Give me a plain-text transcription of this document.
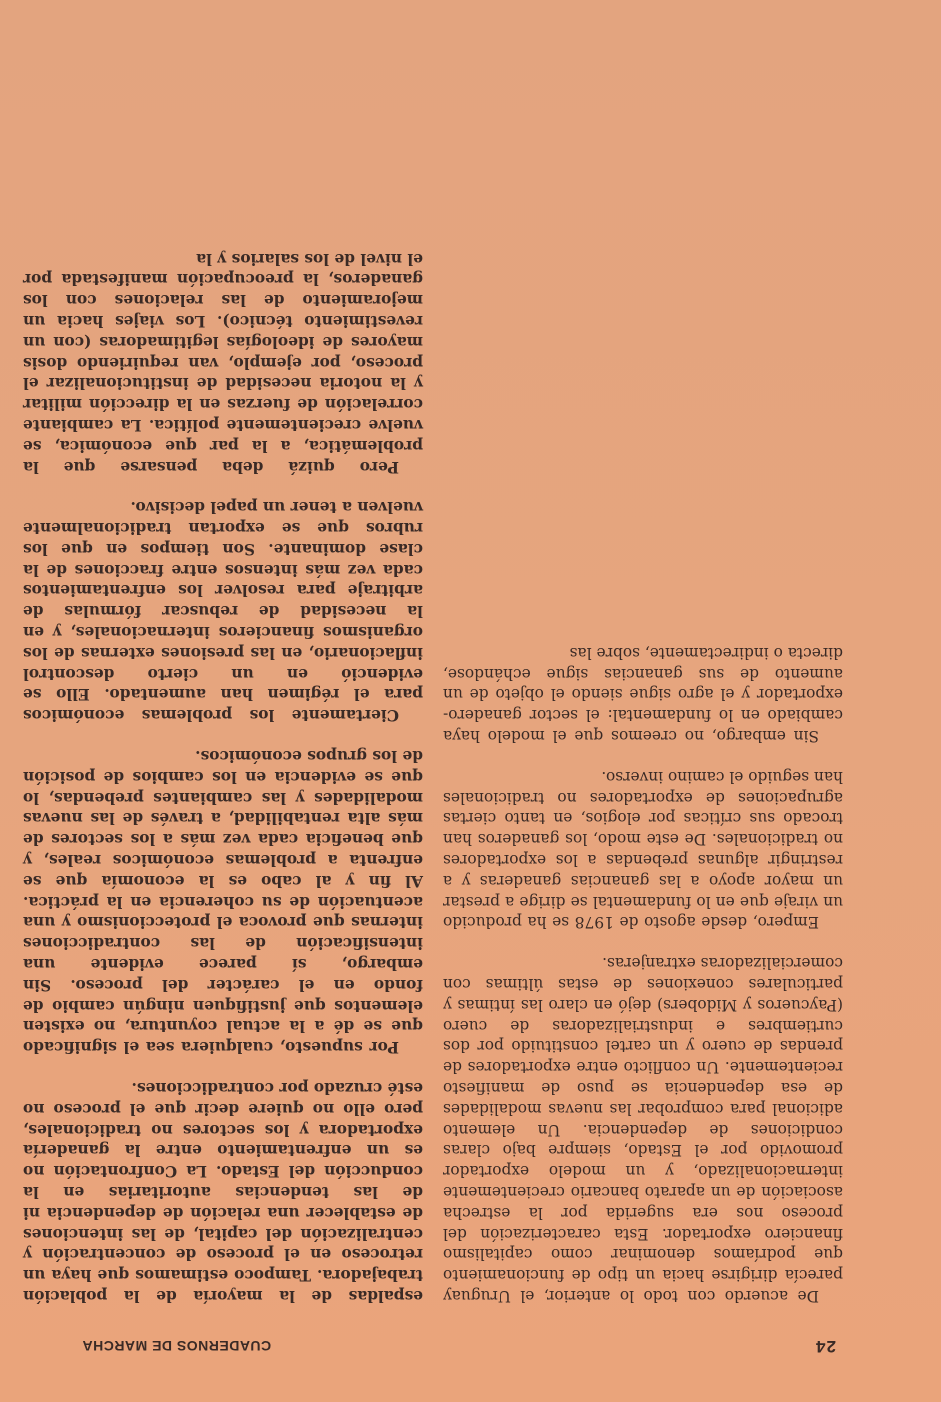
24
CUADERNOS DE MARCHA

De acuerdo con todo lo anterior, el Uruguay parecía dirigirse hacia un tipo de funcionamiento que podríamos denominar como capitalismo financiero exportador. Esta caracterización del proceso nos era sugerida por la estrecha asociación de un aparato bancario crecientemente internacionalizado, y un modelo exportador promovido por el Estado, siempre bajo claras condiciones de dependencia. Un elemento adicional para comprobar las nuevas modalidades de esa dependencia se puso de manifiesto recientemente. Un conflicto entre exportadores de prendas de cuero y un cartel constituido por dos curtiembres e industrializadoras de cuero (Paycueros y Midobers) dejó en claro las íntimas y particulares conexiones de estas últimas con comercializadoras extranjeras.

Empero, desde agosto de 1978 se ha producido un viraje que en lo fundamental se dirige a prestar un mayor apoyo a las ganancias ganaderas y a restringir algunas prebendas a los exportadores no tradicionales. De este modo, los ganaderos han trocado sus críticas por elogios, en tanto ciertas agrupaciones de exportadores no tradicionales han seguido el camino inverso.

Sin embargo, no creemos que el modelo haya cambiado en lo fundamental: el sector ganadero-exportador y el agro sigue siendo el objeto de un aumento de sus ganancias sigue echándose, directa o indirectamente, sobre las

espaldas de la mayoría de la población trabajadora. Tampoco estimamos que haya un retroceso en el proceso de concentración y centralización del capital, de las intenciones de establecer una relación de dependencia ni de las tendencias autoritarias en la conducción del Estado. La Confrontación no es un enfrentamiento entre la ganadería exportadora y los sectores no tradicionales, pero ello no quiere decir que el proceso no esté cruzado por contradicciones.

Por supuesto, cualquiera sea el significado que se dé a la actual coyuntura, no existen elementos que justifiquen ningún cambio de fondo en el carácter del proceso. Sin embargo, sí parece evidente una intensificación de las contradicciones internas que provoca el proteccionismo y una acentuación de su coherencia en la práctica. Al fin y al cabo es la economía que se enfrenta a problemas económicos reales, y que beneficia cada vez más a los sectores de más alta rentabilidad, a través de las nuevas modalidades y las cambiantes prebendas, lo que se evidencia en los cambios de posición de los grupos económicos.

Ciertamente los problemas económicos para el régimen han aumentado. Ello se evidenció en un cierto descontrol inflacionario, en las presiones externas de los organismos financieros internacionales, y en la necesidad de rebuscar fórmulas de arbitraje para resolver los enfrentamientos cada vez más intensos entre fracciones de la clase dominante. Son tiempos en que los rubros que se exportan tradicionalmente vuelven a tener un papel decisivo.

Pero quizá deba pensarse que la problemática, a la par que económica, se vuelve crecientemente política. La cambiante correlación de fuerzas en la dirección militar y la notoria necesidad de institucionalizar el proceso, por ejemplo, van requiriendo dosis mayores de ideologías legitimadoras (con un revestimiento técnico). Los viajes hacia un mejoramiento de las relaciones con los ganaderos, la preocupación manifestada por el nivel de los salarios y la
